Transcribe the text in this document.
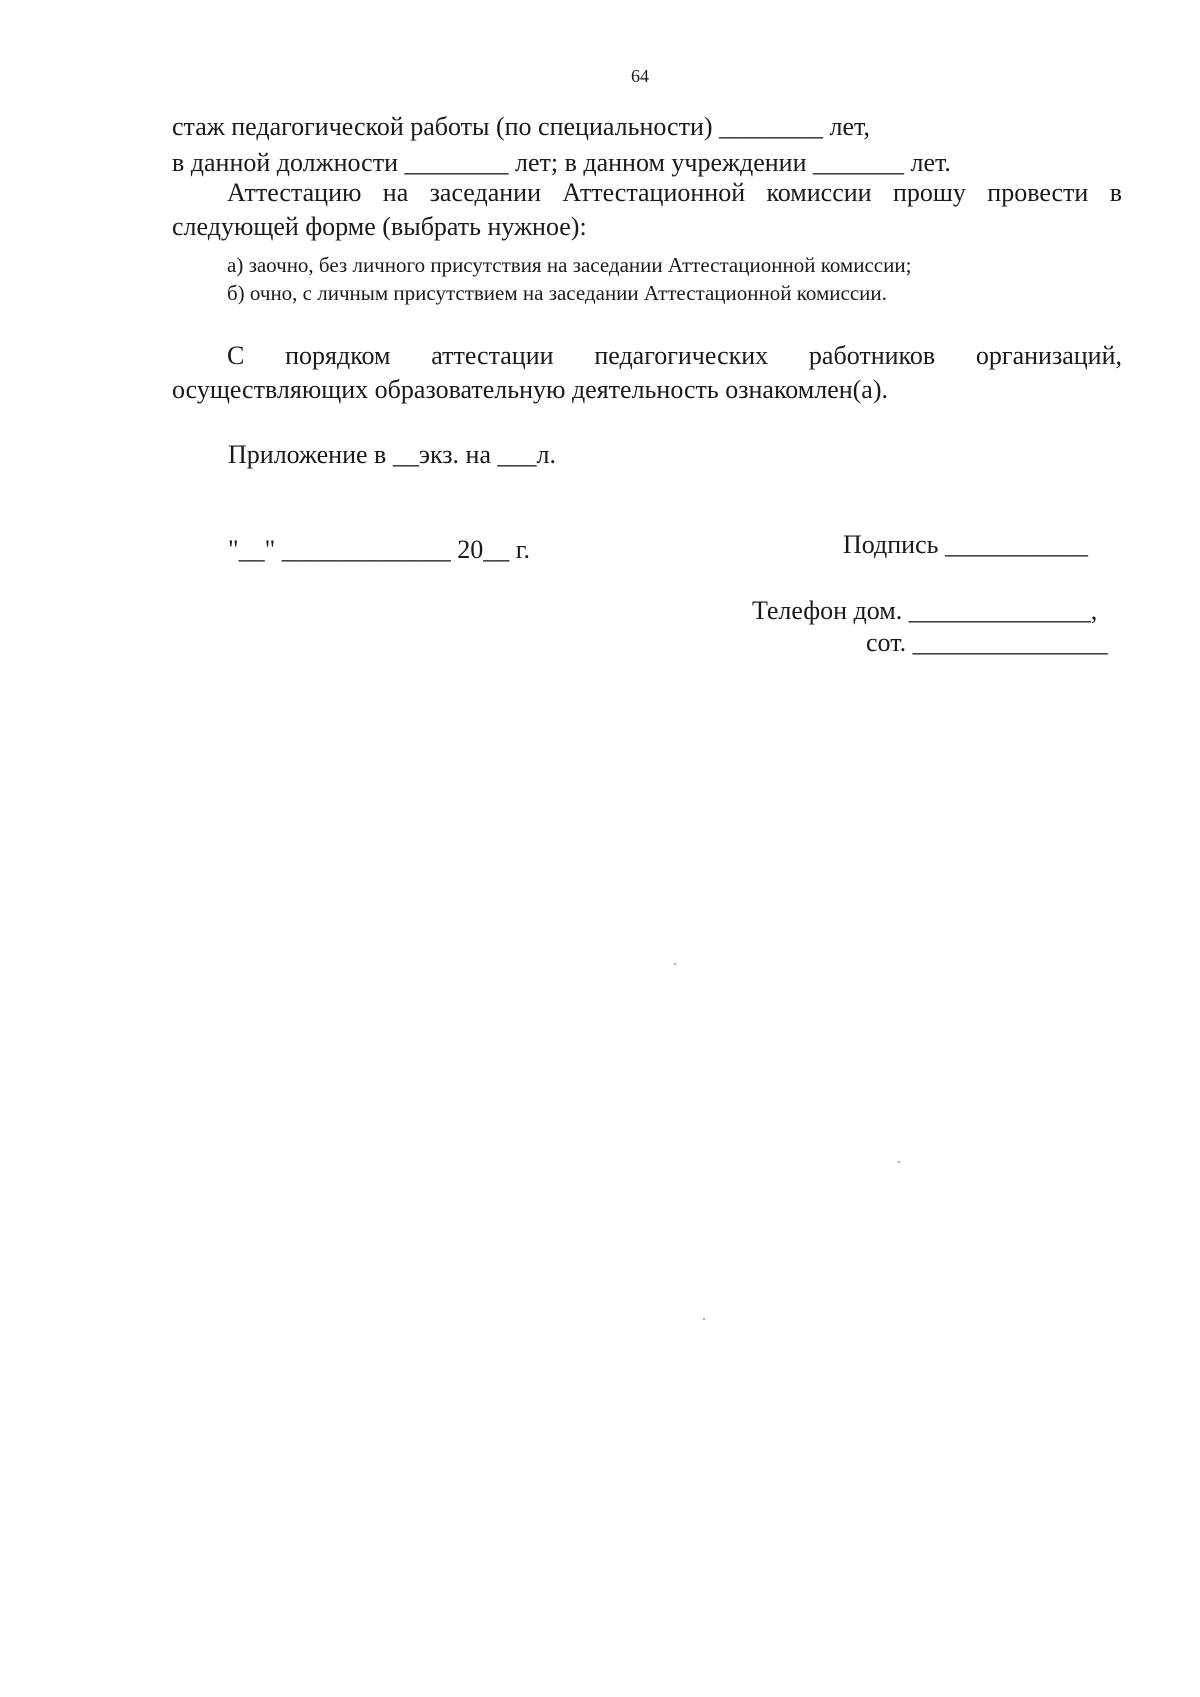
64
стаж педагогической работы (по специальности) ________ лет,
в данной должности ________ лет; в данном учреждении _______ лет.
Аттестацию на заседании Аттестационной комиссии прошу провести в следующей форме (выбрать нужное):
а) заочно, без личного присутствия на заседании Аттестационной комиссии;
б) очно, с личным присутствием на заседании Аттестационной комиссии.
С порядком аттестации педагогических работников организаций, осуществляющих образовательную деятельность ознакомлен(а).
Приложение в __экз. на ___л.
"__" _____________ 20__ г.	Подпись ___________
Телефон дом. ______________,
сот. _______________
